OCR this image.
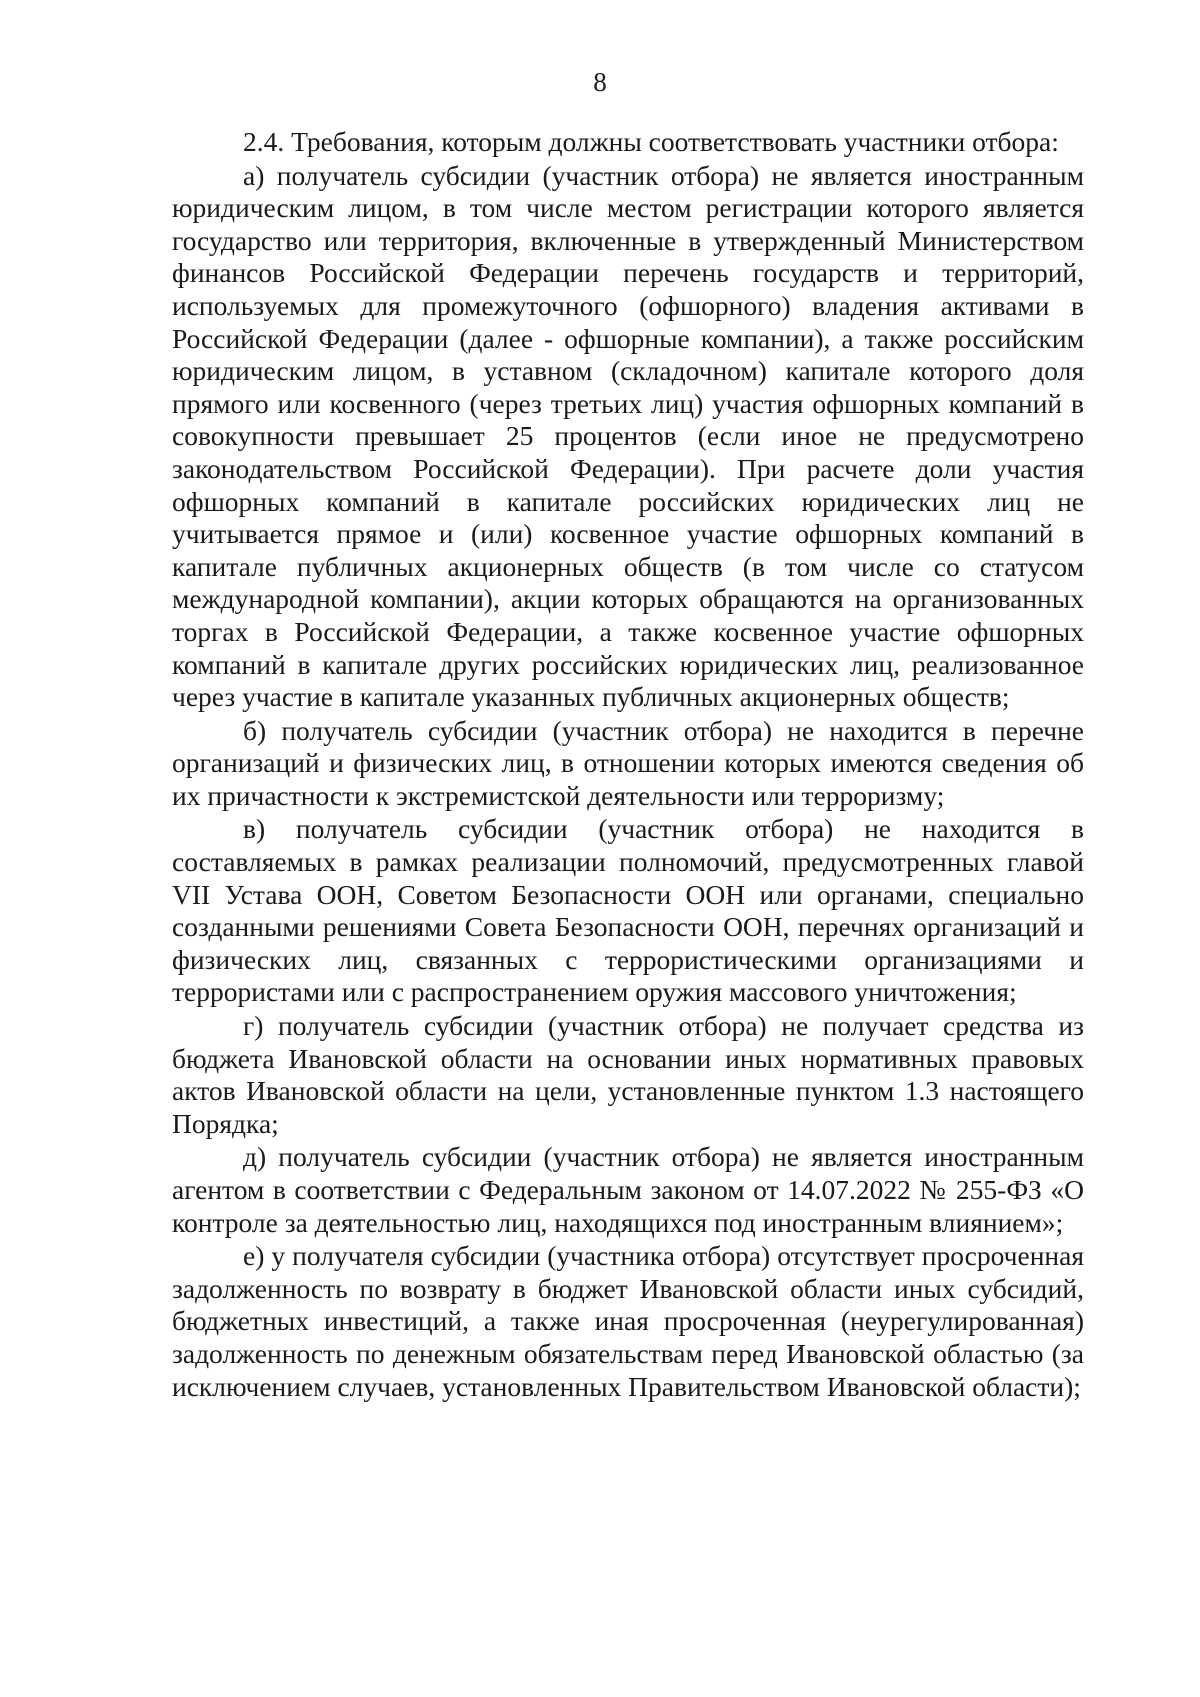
8

2.4. Требования, которым должны соответствовать участники отбора:

а) получатель субсидии (участник отбора) не является иностранным юридическим лицом, в том числе местом регистрации которого является государство или территория, включенные в утвержденный Министерством финансов Российской Федерации перечень государств и территорий, используемых для промежуточного (офшорного) владения активами в Российской Федерации (далее - офшорные компании), а также российским юридическим лицом, в уставном (складочном) капитале которого доля прямого или косвенного (через третьих лиц) участия офшорных компаний в совокупности превышает 25 процентов (если иное не предусмотрено законодательством Российской Федерации). При расчете доли участия офшорных компаний в капитале российских юридических лиц не учитывается прямое и (или) косвенное участие офшорных компаний в капитале публичных акционерных обществ (в том числе со статусом международной компании), акции которых обращаются на организованных торгах в Российской Федерации, а также косвенное участие офшорных компаний в капитале других российских юридических лиц, реализованное через участие в капитале указанных публичных акционерных обществ;

б) получатель субсидии (участник отбора) не находится в перечне организаций и физических лиц, в отношении которых имеются сведения об их причастности к экстремистской деятельности или терроризму;

в) получатель субсидии (участник отбора) не находится в составляемых в рамках реализации полномочий, предусмотренных главой VII Устава ООН, Советом Безопасности ООН или органами, специально созданными решениями Совета Безопасности ООН, перечнях организаций и физических лиц, связанных с террористическими организациями и террористами или с распространением оружия массового уничтожения;

г) получатель субсидии (участник отбора) не получает средства из бюджета Ивановской области на основании иных нормативных правовых актов Ивановской области на цели, установленные пунктом 1.3 настоящего Порядка;

д) получатель субсидии (участник отбора) не является иностранным агентом в соответствии с Федеральным законом от 14.07.2022 № 255-ФЗ «О контроле за деятельностью лиц, находящихся под иностранным влиянием»;

е) у получателя субсидии (участника отбора) отсутствует просроченная задолженность по возврату в бюджет Ивановской области иных субсидий, бюджетных инвестиций, а также иная просроченная (неурегулированная) задолженность по денежным обязательствам перед Ивановской областью (за исключением случаев, установленных Правительством Ивановской области);
